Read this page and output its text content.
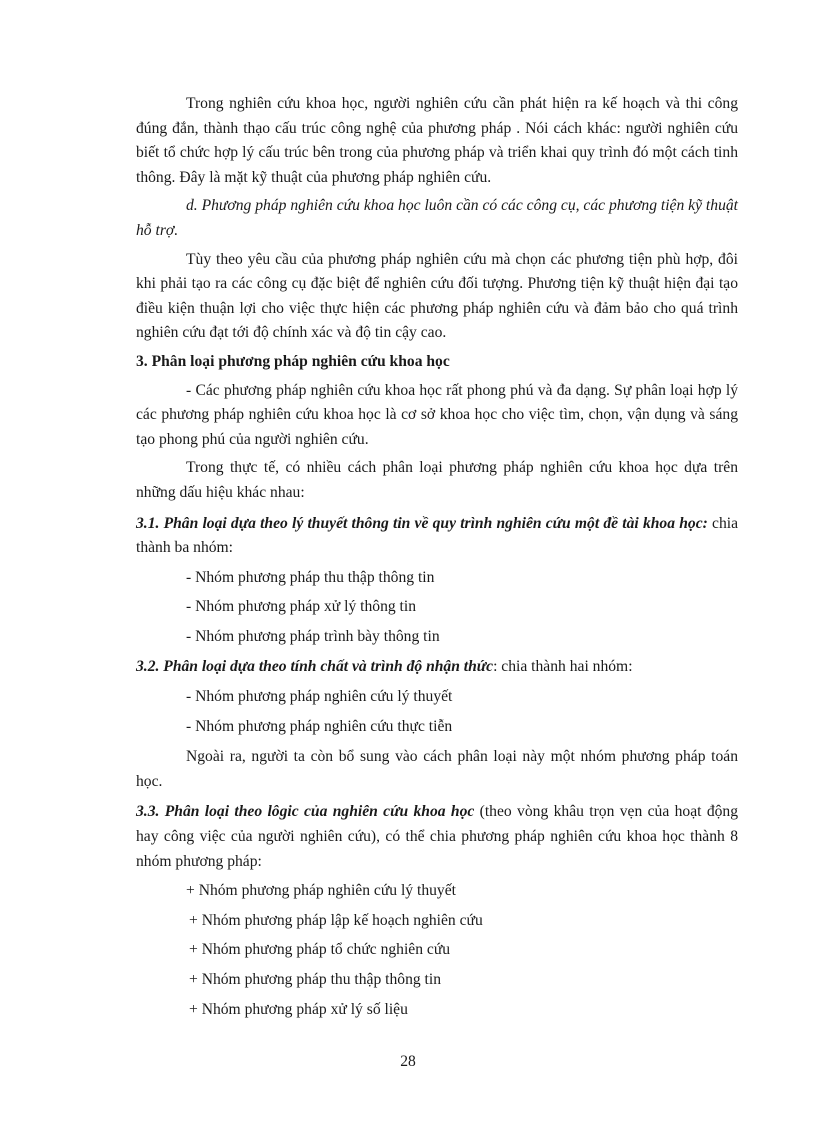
Trong nghiên cứu khoa học, người nghiên cứu cần phát hiện ra kế hoạch và thi công đúng đắn, thành thạo cấu trúc công nghệ của phương pháp . Nói cách khác: người nghiên cứu biết tổ chức hợp lý cấu trúc bên trong của phương pháp và triển khai quy trình đó một cách tinh thông. Đây là mặt kỹ thuật của phương pháp nghiên cứu.

d. Phương pháp nghiên cứu khoa học luôn cần có các công cụ, các phương tiện kỹ thuật hỗ trợ.

Tùy theo yêu cầu của phương pháp nghiên cứu mà chọn các phương tiện phù hợp, đôi khi phải tạo ra các công cụ đặc biệt để nghiên cứu đối tượng. Phương tiện kỹ thuật hiện đại tạo điều kiện thuận lợi cho việc thực hiện các phương pháp nghiên cứu và đảm bảo cho quá trình nghiên cứu đạt tới độ chính xác và độ tin cậy cao.

3. Phân loại phương pháp nghiên cứu khoa học

- Các phương pháp nghiên cứu khoa học rất phong phú và đa dạng. Sự phân loại hợp lý các phương pháp nghiên cứu khoa học là cơ sở khoa học cho việc tìm, chọn, vận dụng và sáng tạo phong phú của người nghiên cứu.

Trong thực tế, có nhiều cách phân loại phương pháp nghiên cứu khoa học dựa trên những dấu hiệu khác nhau:

3.1. Phân loại dựa theo lý thuyết thông tin về quy trình nghiên cứu một đề tài khoa học: chia thành ba nhóm:

- Nhóm phương pháp thu thập thông tin

- Nhóm phương pháp xử lý thông tin

- Nhóm phương pháp trình bày thông tin

3.2. Phân loại dựa theo tính chất và trình độ nhận thức: chia thành hai nhóm:

- Nhóm phương pháp nghiên cứu lý thuyết

- Nhóm phương pháp nghiên cứu thực tiễn

Ngoài ra, người ta còn bổ sung vào cách phân loại này một nhóm phương pháp toán học.

3.3. Phân loại theo lôgic của nghiên cứu khoa học (theo vòng khâu trọn vẹn của hoạt động hay công việc của người nghiên cứu), có thể chia phương pháp nghiên cứu khoa học thành 8 nhóm phương pháp:

+ Nhóm phương pháp nghiên cứu lý thuyết

+ Nhóm phương pháp lập kế hoạch nghiên cứu

+ Nhóm phương pháp tổ chức nghiên cứu

+ Nhóm phương pháp thu thập thông tin

+ Nhóm phương pháp xử lý số liệu

28
